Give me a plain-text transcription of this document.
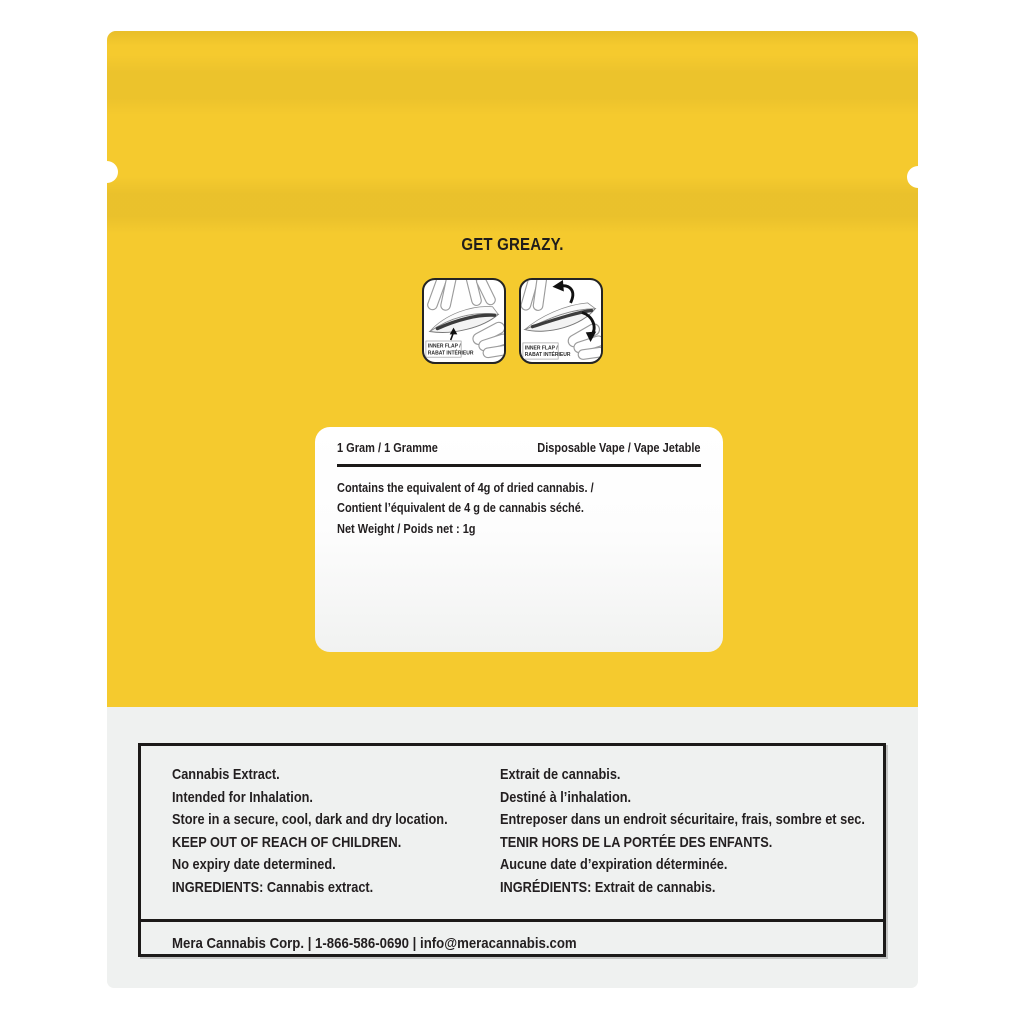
GET GREAZY.
INNER FLAP /
RABAT INTÉRIEUR
INNER FLAP /
RABAT INTÉRIEUR
1 Gram / 1 Gramme	Disposable Vape / Vape Jetable
Contains the equivalent of 4g of dried cannabis. /
Contient l’équivalent de 4 g de cannabis séché.
Net Weight / Poids net : 1g
Cannabis Extract.
Intended for Inhalation.
Store in a secure, cool, dark and dry location.
KEEP OUT OF REACH OF CHILDREN.
No expiry date determined.
INGREDIENTS: Cannabis extract.
Extrait de cannabis.
Destiné à l’inhalation.
Entreposer dans un endroit sécuritaire, frais, sombre et sec.
TENIR HORS DE LA PORTÉE DES ENFANTS.
Aucune date d’expiration déterminée.
INGRÉDIENTS: Extrait de cannabis.
Mera Cannabis Corp. | 1-866-586-0690 | info@meracannabis.com
